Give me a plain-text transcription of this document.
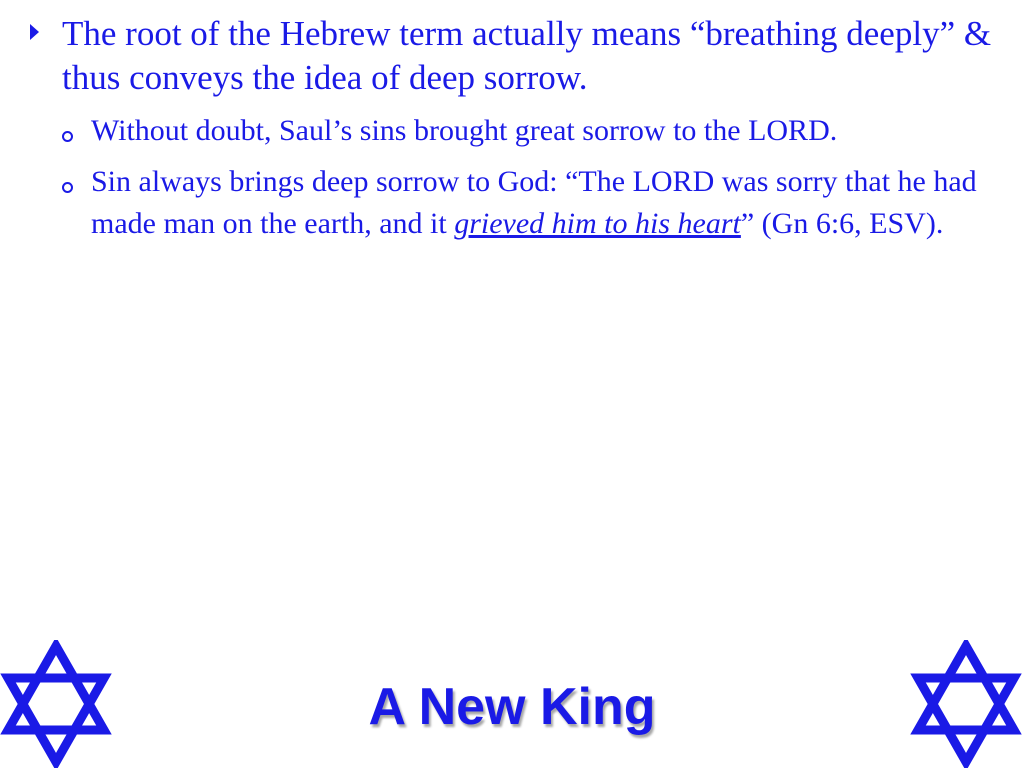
The root of the Hebrew term actually means “breathing deeply” & thus conveys the idea of deep sorrow.
Without doubt, Saul’s sins brought great sorrow to the LORD.
Sin always brings deep sorrow to God: “The LORD was sorry that he had made man on the earth, and it grieved him to his heart” (Gn 6:6, ESV).
A New King
